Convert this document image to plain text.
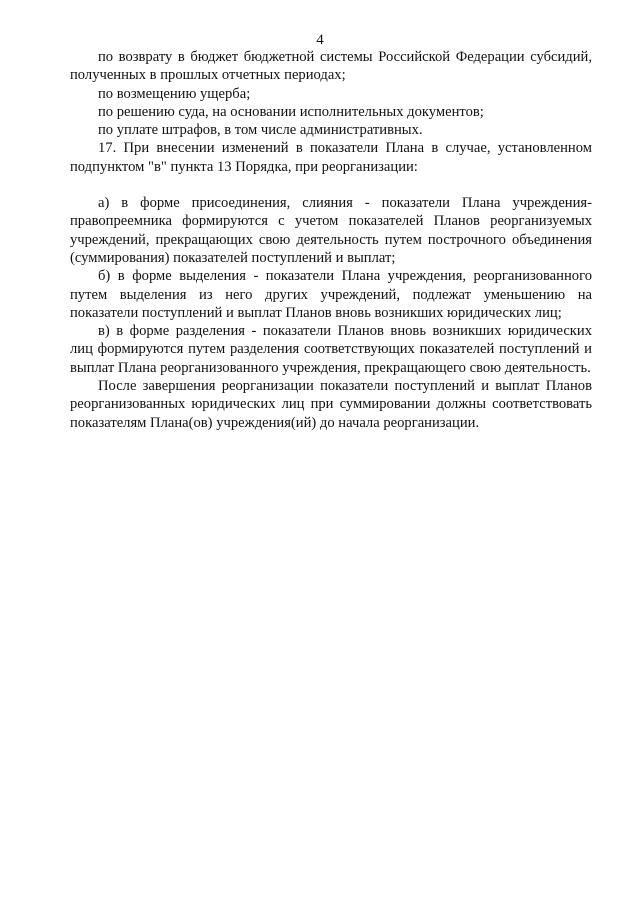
4

по возврату в бюджет бюджетной системы Российской Федерации субсидий, полученных в прошлых отчетных периодах;

по возмещению ущерба;

по решению суда, на основании исполнительных документов;

по уплате штрафов, в том числе административных.

17. При внесении изменений в показатели Плана в случае, установленном подпунктом "в" пункта 13 Порядка, при реорганизации:

а) в форме присоединения, слияния - показатели Плана учреждения-правопреемника формируются с учетом показателей Планов реорганизуемых учреждений, прекращающих свою деятельность путем построчного объединения (суммирования) показателей поступлений и выплат;

б) в форме выделения - показатели Плана учреждения, реорганизованного путем выделения из него других учреждений, подлежат уменьшению на показатели поступлений и выплат Планов вновь возникших юридических лиц;

в) в форме разделения - показатели Планов вновь возникших юридических лиц формируются путем разделения соответствующих показателей поступлений и выплат Плана реорганизованного учреждения, прекращающего свою деятельность.

После завершения реорганизации показатели поступлений и выплат Планов реорганизованных юридических лиц при суммировании должны соответствовать показателям Плана(ов) учреждения(ий) до начала реорганизации.
